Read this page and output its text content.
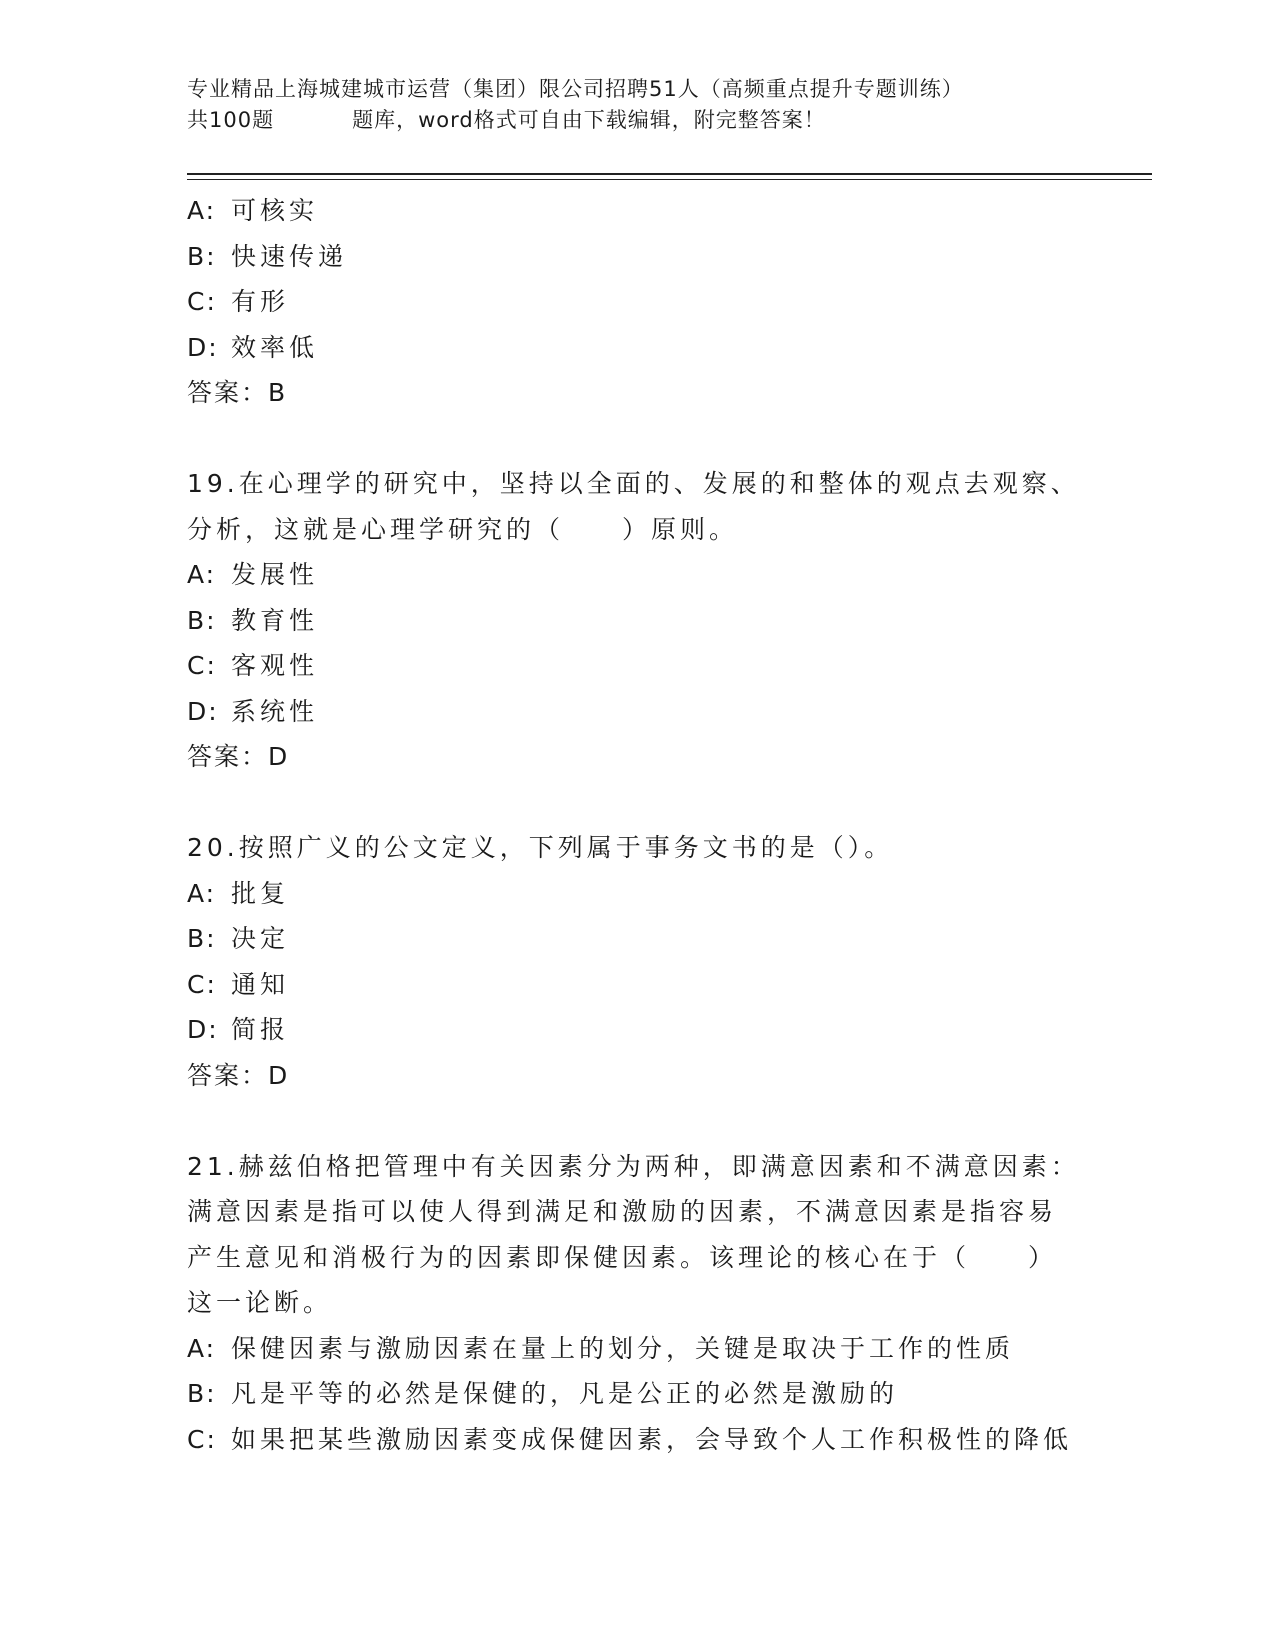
专业精品上海城建城市运营（集团）限公司招聘51人（高频重点提升专题训练）
共100题	题库，word格式可自由下载编辑，附完整答案！
A: 可核实
B: 快速传递
C: 有形
D: 效率低
答案：B
19.在心理学的研究中，坚持以全面的、发展的和整体的观点去观察、
分析，这就是心理学研究的（　　）原则。
A: 发展性
B: 教育性
C: 客观性
D: 系统性
答案：D
20.按照广义的公文定义，下列属于事务文书的是（）。
A: 批复
B: 决定
C: 通知
D: 简报
答案：D
21.赫兹伯格把管理中有关因素分为两种，即满意因素和不满意因素：
满意因素是指可以使人得到满足和激励的因素，不满意因素是指容易
产生意见和消极行为的因素即保健因素。该理论的核心在于（　　）
这一论断。
A: 保健因素与激励因素在量上的划分，关键是取决于工作的性质
B: 凡是平等的必然是保健的，凡是公正的必然是激励的
C: 如果把某些激励因素变成保健因素，会导致个人工作积极性的降低
